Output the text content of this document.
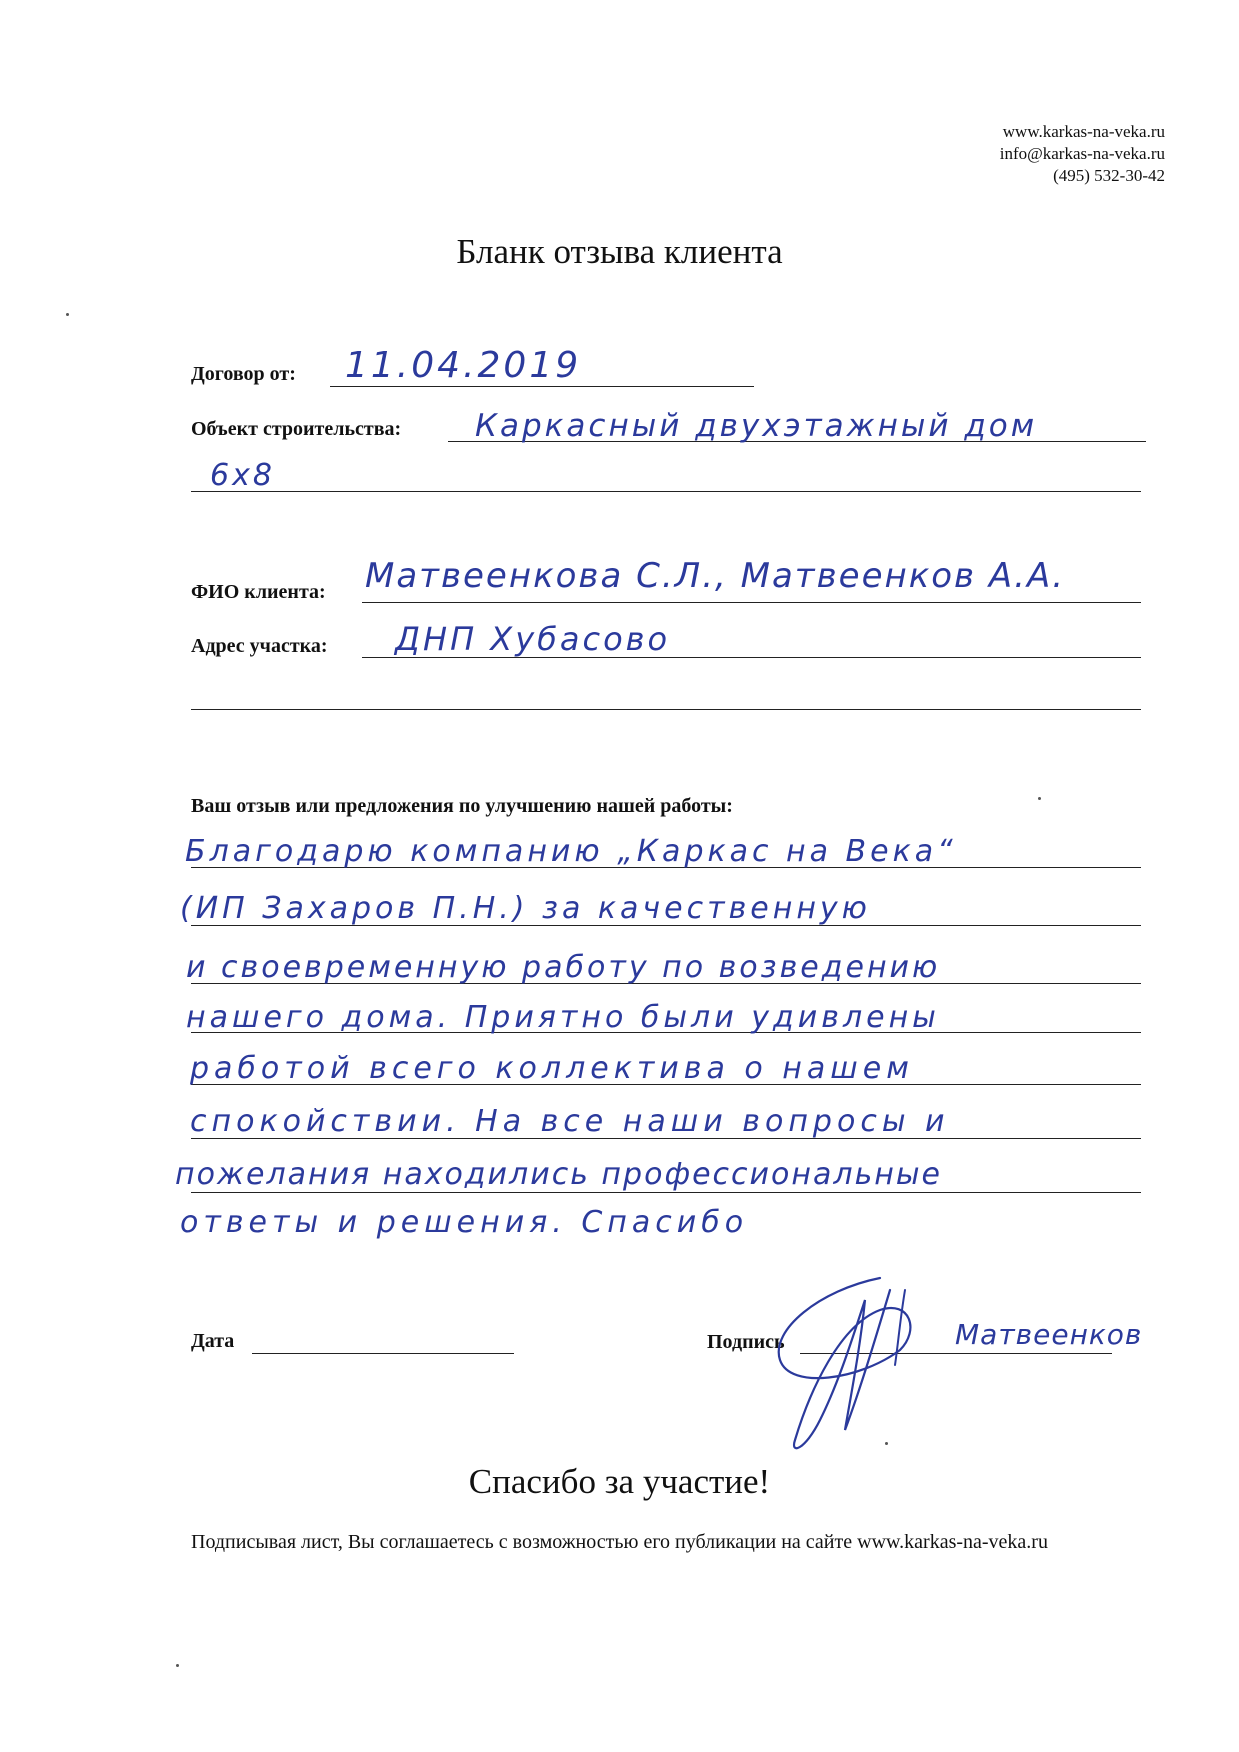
www.karkas-na-veka.ru
info@karkas-na-veka.ru
(495) 532-30-42
Бланк отзыва клиента
Договор от: 11.04.2019
Объект строительства: Каркасный двухэтажный дом
6х8
ФИО клиента: Матвеенкова С.Л., Матвеенков А.А.
Адрес участка: ДНП Хубасово
Ваш отзыв или предложения по улучшению нашей работы:
Благодарю компанию „Каркас на Века“
(ИП Захаров П.Н.) за качественную
и своевременную работу по возведению
нашего дома. Приятно были удивлены
работой всего коллектива о нашем
спокойствии. На все наши вопросы и
пожелания находились профессиональные
ответы и решения. Спасибо
Дата	Подпись	Матвеенков
Спасибо за участие!
Подписывая лист, Вы соглашаетесь с возможностью его публикации на сайте www.karkas-na-veka.ru
